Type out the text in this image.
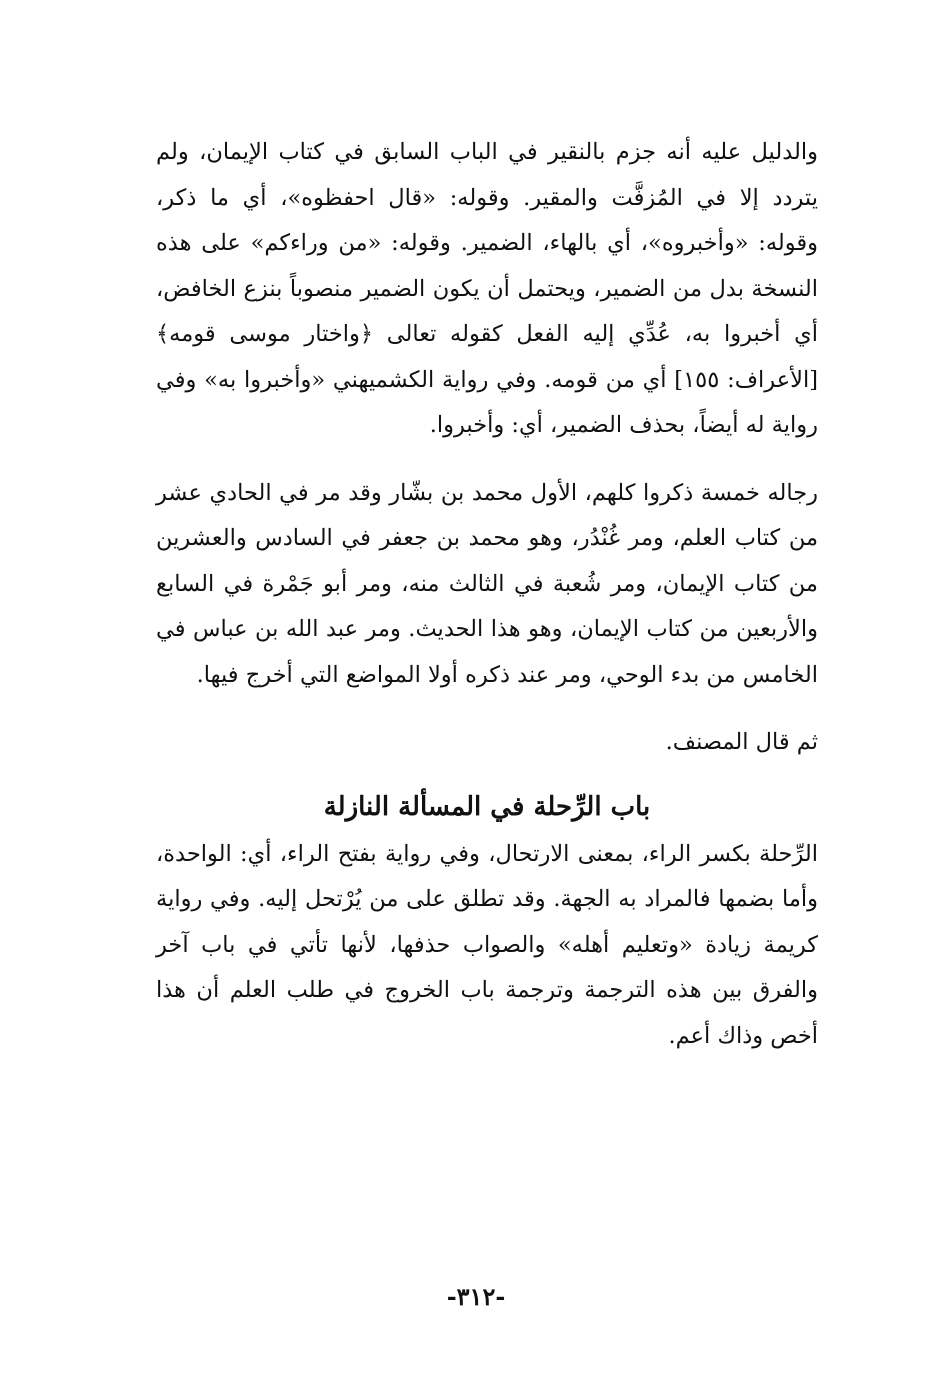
والدليل عليه أنه جزم بالنقير في الباب السابق في كتاب الإيمان، ولم يتردد إلا في المُزفَّت والمقير. وقوله: «قال احفظوه»، أي ما ذكر، وقوله: «وأخبروه»، أي بالهاء، الضمير. وقوله: «من وراءكم» على هذه النسخة بدل من الضمير، ويحتمل أن يكون الضمير منصوباً بنزع الخافض، أي أخبروا به، عُدِّي إليه الفعل كقوله تعالى ﴿واختار موسى قومه﴾ [الأعراف: ١٥٥] أي من قومه. وفي رواية الكشميهني «وأخبروا به» وفي رواية له أيضاً، بحذف الضمير، أي: وأخبروا.

رجاله خمسة ذكروا كلهم، الأول محمد بن بشّار وقد مر في الحادي عشر من كتاب العلم، ومر غُنْدُر، وهو محمد بن جعفر في السادس والعشرين من كتاب الإيمان، ومر شُعبة في الثالث منه، ومر أبو جَمْرة في السابع والأربعين من كتاب الإيمان، وهو هذا الحديث. ومر عبد الله بن عباس في الخامس من بدء الوحي، ومر عند ذكره أولا المواضع التي أخرج فيها.

ثم قال المصنف.

باب الرِّحلة في المسألة النازلة

الرِّحلة بكسر الراء، بمعنى الارتحال، وفي رواية بفتح الراء، أي: الواحدة، وأما بضمها فالمراد به الجهة. وقد تطلق على من يُرْتحل إليه. وفي رواية كريمة زيادة «وتعليم أهله» والصواب حذفها، لأنها تأتي في باب آخر والفرق بين هذه الترجمة وترجمة باب الخروج في طلب العلم أن هذا أخص وذاك أعم.

-٣١٢-
